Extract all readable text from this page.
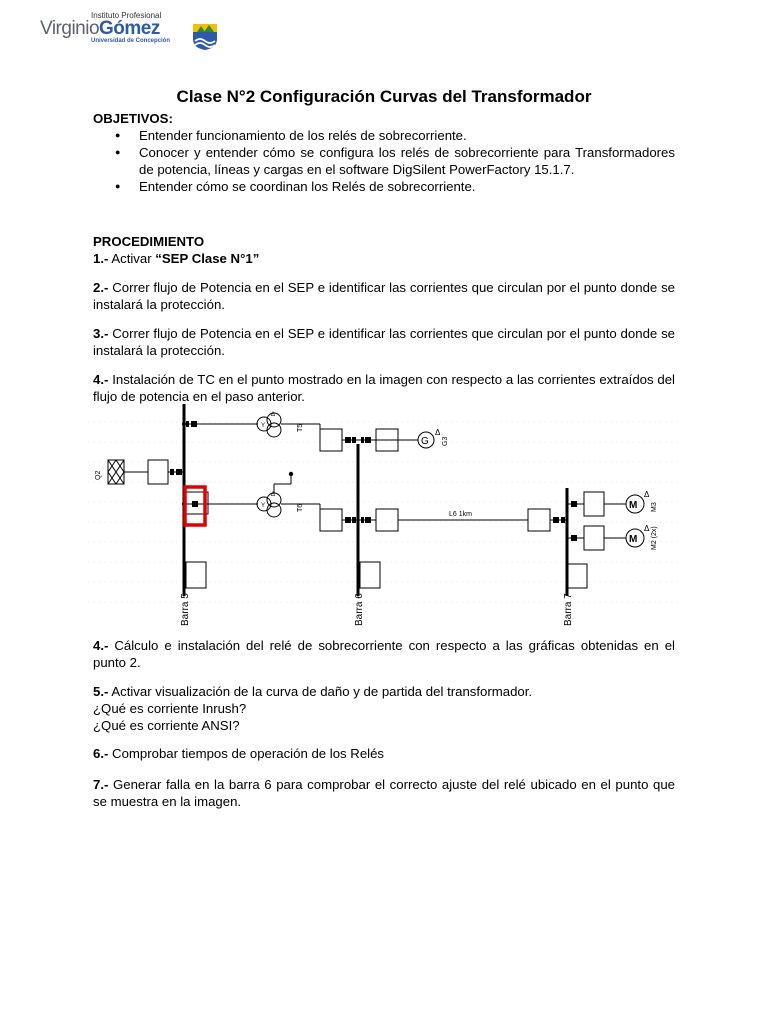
Instituto Profesional
VirginioGómez
Universidad de Concepción
Clase N°2 Configuración Curvas del Transformador
OBJETIVOS:
● Entender funcionamiento de los relés de sobrecorriente.
● Conocer y entender cómo se configura los relés de sobrecorriente para Transformadores de potencia, líneas y cargas en el software DigSilent PowerFactory 15.1.7.
● Entender cómo se coordinan los Relés de sobrecorriente.
PROCEDIMIENTO
1.- Activar “SEP Clase N°1”
2.- Correr flujo de Potencia en el SEP e identificar las corrientes que circulan por el punto donde se instalará la protección.
3.- Correr flujo de Potencia en el SEP e identificar las corrientes que circulan por el punto donde se instalará la protección.
4.- Instalación de TC en el punto mostrado en la imagen con respecto a las corrientes extraídos del flujo de potencia en el paso anterior.
Barra 5	Barra 6	Barra 7
Q2
T5
T6
G
Δ
G3
L6 1km
M
Δ
M3
M
Δ M2 (2x)
Y
Δ
Y
Δ
4.- Cálculo e instalación del relé de sobrecorriente con respecto a las gráficas obtenidas en el punto 2.
5.- Activar visualización de la curva de daño y de partida del transformador.
¿Qué es corriente Inrush?
¿Qué es corriente ANSI?
6.- Comprobar tiempos de operación de los Relés
7.- Generar falla en la barra 6 para comprobar el correcto ajuste del relé ubicado en el punto que se muestra en la imagen.
